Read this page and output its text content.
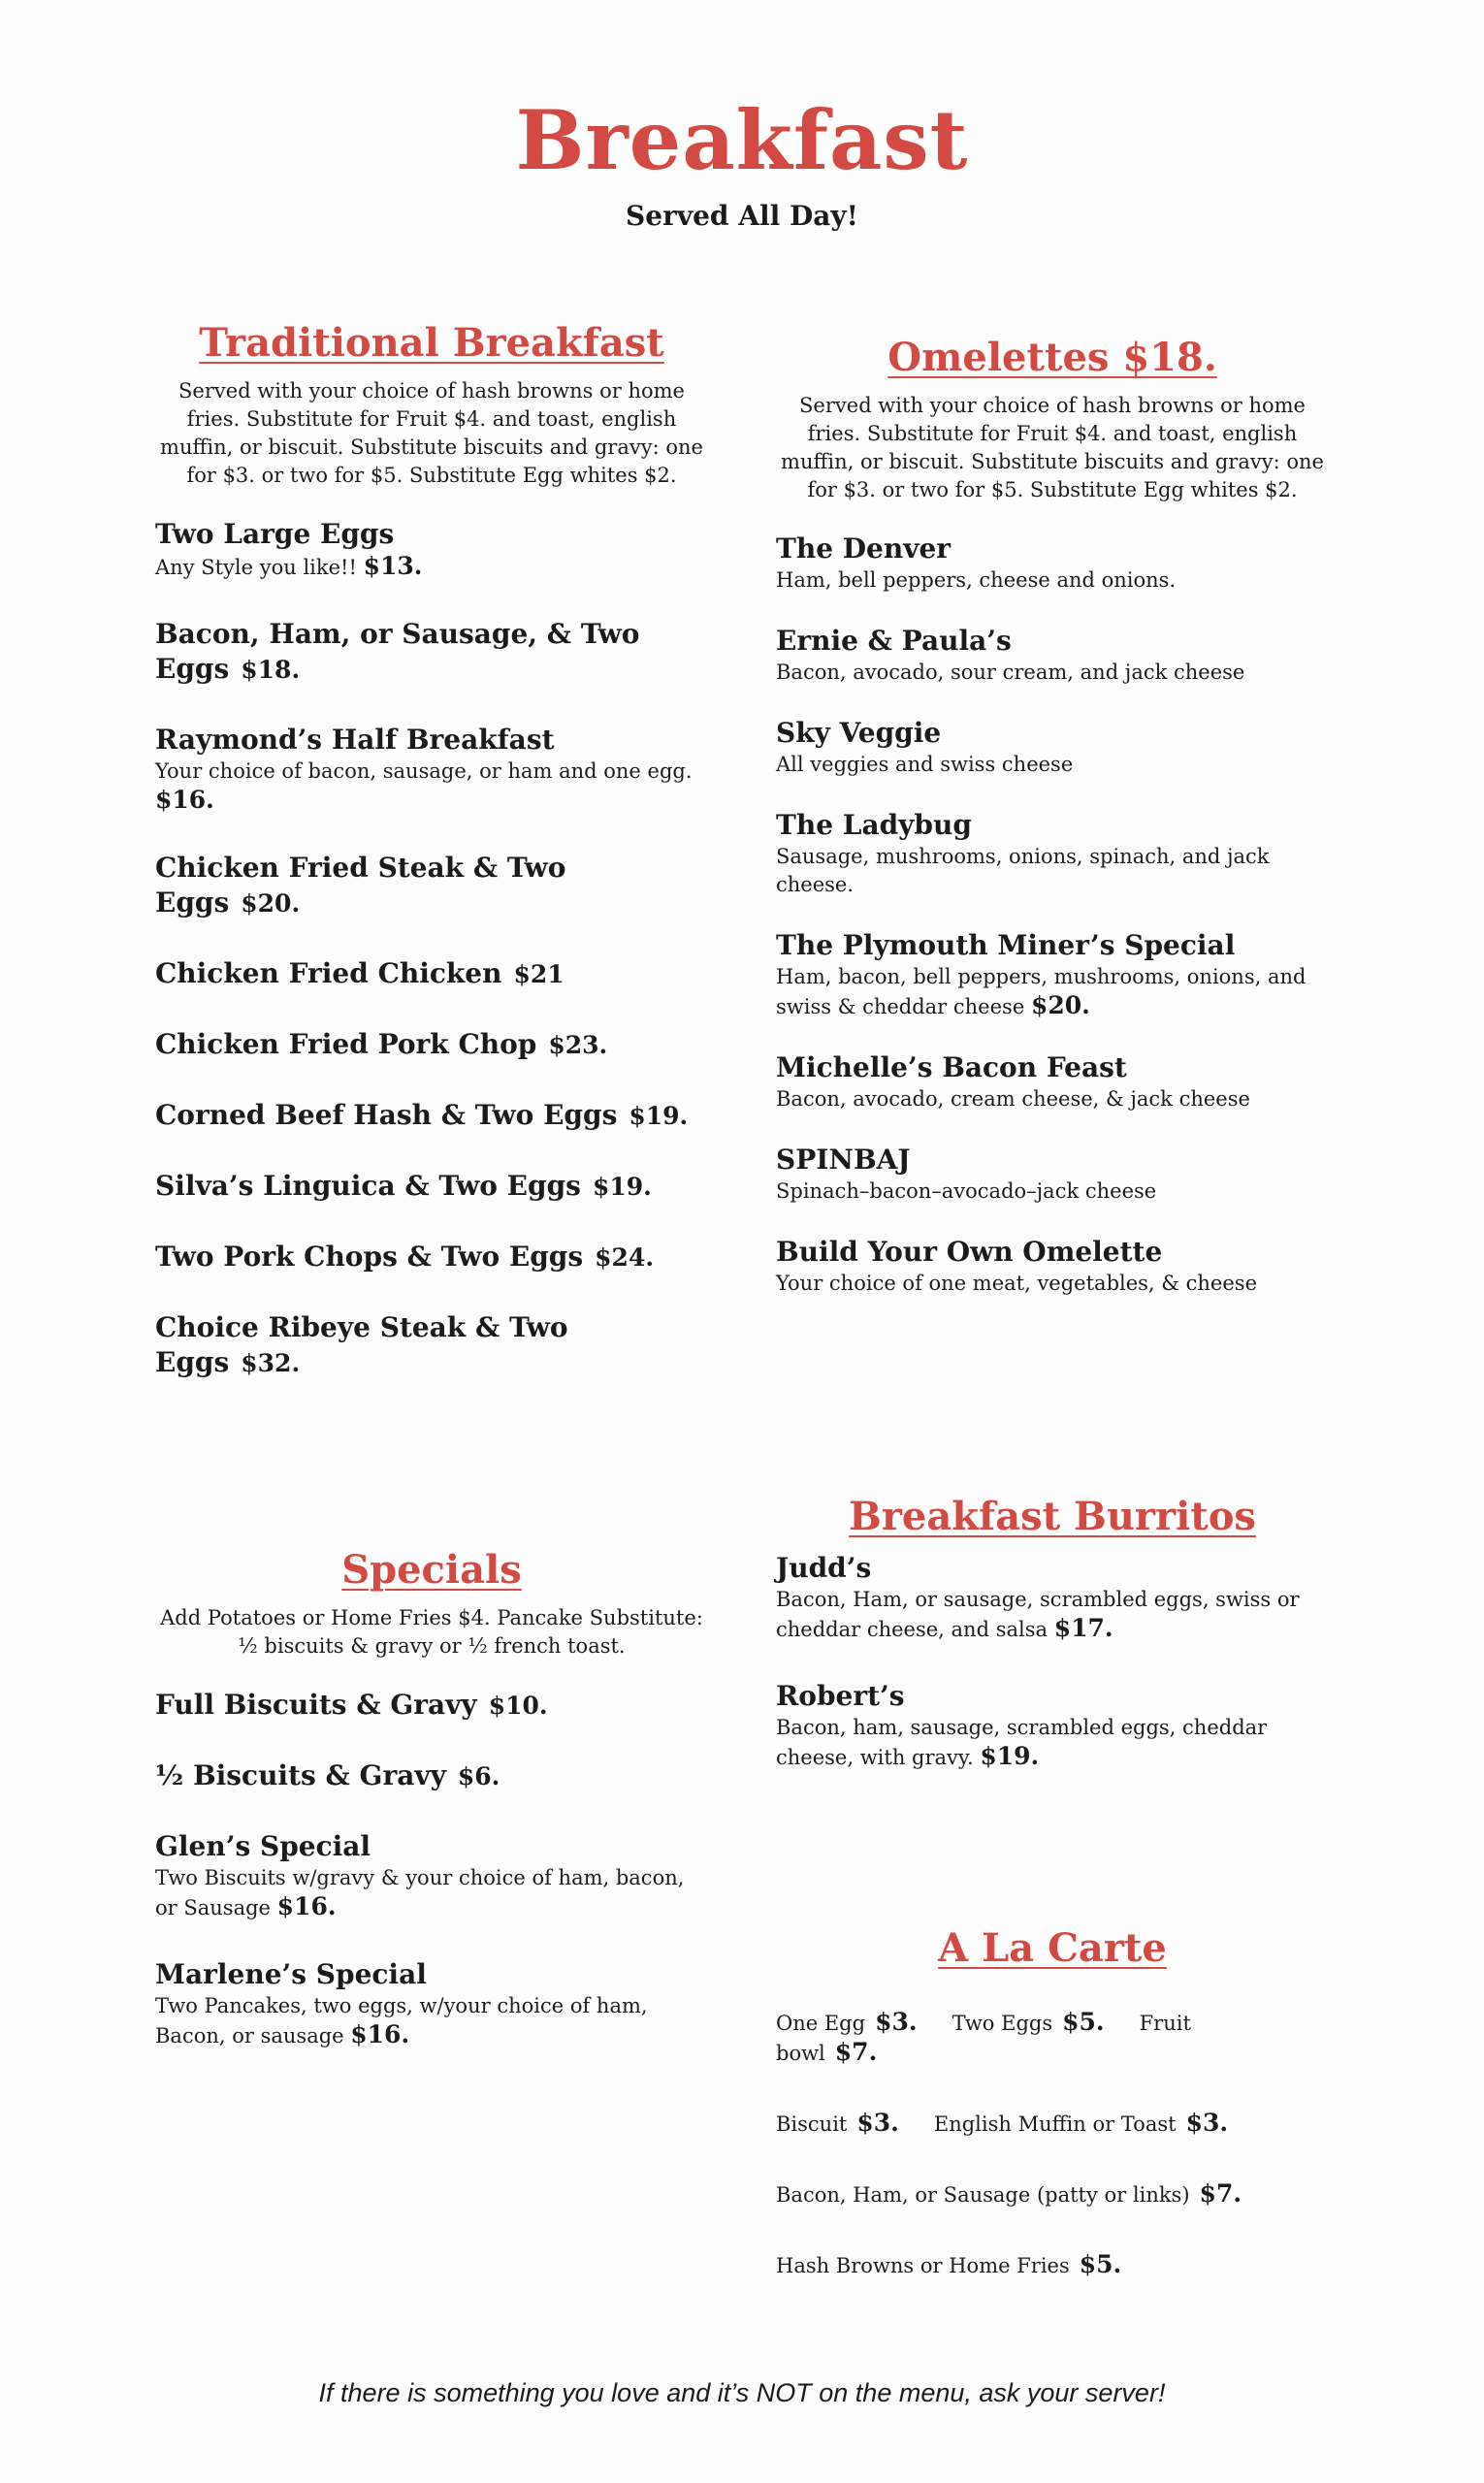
Breakfast
Served All Day!
Traditional Breakfast
Served with your choice of hash browns or home fries. Substitute for Fruit $4. and toast, english muffin, or biscuit. Substitute biscuits and gravy: one for $3. or two for $5. Substitute Egg whites $2.
Two Large Eggs
Any Style you like!! $13.
Bacon, Ham, or Sausage, & Two Eggs $18.
Raymond’s Half Breakfast
Your choice of bacon, sausage, or ham and one egg. $16.
Chicken Fried Steak & Two Eggs $20.
Chicken Fried Chicken $21
Chicken Fried Pork Chop $23.
Corned Beef Hash & Two Eggs $19.
Silva’s Linguica & Two Eggs $19.
Two Pork Chops & Two Eggs $24.
Choice Ribeye Steak & Two Eggs $32.
Omelettes $18.
Served with your choice of hash browns or home fries. Substitute for Fruit $4. and toast, english muffin, or biscuit. Substitute biscuits and gravy: one for $3. or two for $5. Substitute Egg whites $2.
The Denver
Ham, bell peppers, cheese and onions.
Ernie & Paula’s
Bacon, avocado, sour cream, and jack cheese
Sky Veggie
All veggies and swiss cheese
The Ladybug
Sausage, mushrooms, onions, spinach, and jack cheese.
The Plymouth Miner’s Special
Ham, bacon, bell peppers, mushrooms, onions, and swiss & cheddar cheese $20.
Michelle’s Bacon Feast
Bacon, avocado, cream cheese, & jack cheese
SPINBAJ
Spinach–bacon–avocado–jack cheese
Build Your Own Omelette
Your choice of one meat, vegetables, & cheese
Specials
Add Potatoes or Home Fries $4. Pancake Substitute: ½ biscuits & gravy or ½ french toast.
Full Biscuits & Gravy $10.
½ Biscuits & Gravy $6.
Glen’s Special
Two Biscuits w/gravy & your choice of ham, bacon, or Sausage $16.
Marlene’s Special
Two Pancakes, two eggs, w/your choice of ham, Bacon, or sausage $16.
Breakfast Burritos
Judd’s
Bacon, Ham, or sausage, scrambled eggs, swiss or cheddar cheese, and salsa $17.
Robert’s
Bacon, ham, sausage, scrambled eggs, cheddar cheese, with gravy. $19.
A La Carte
One Egg $3. Two Eggs $5. Fruit bowl $7.
Biscuit $3. English Muffin or Toast $3.
Bacon, Ham, or Sausage (patty or links) $7.
Hash Browns or Home Fries $5.
If there is something you love and it’s NOT on the menu, ask your server!
